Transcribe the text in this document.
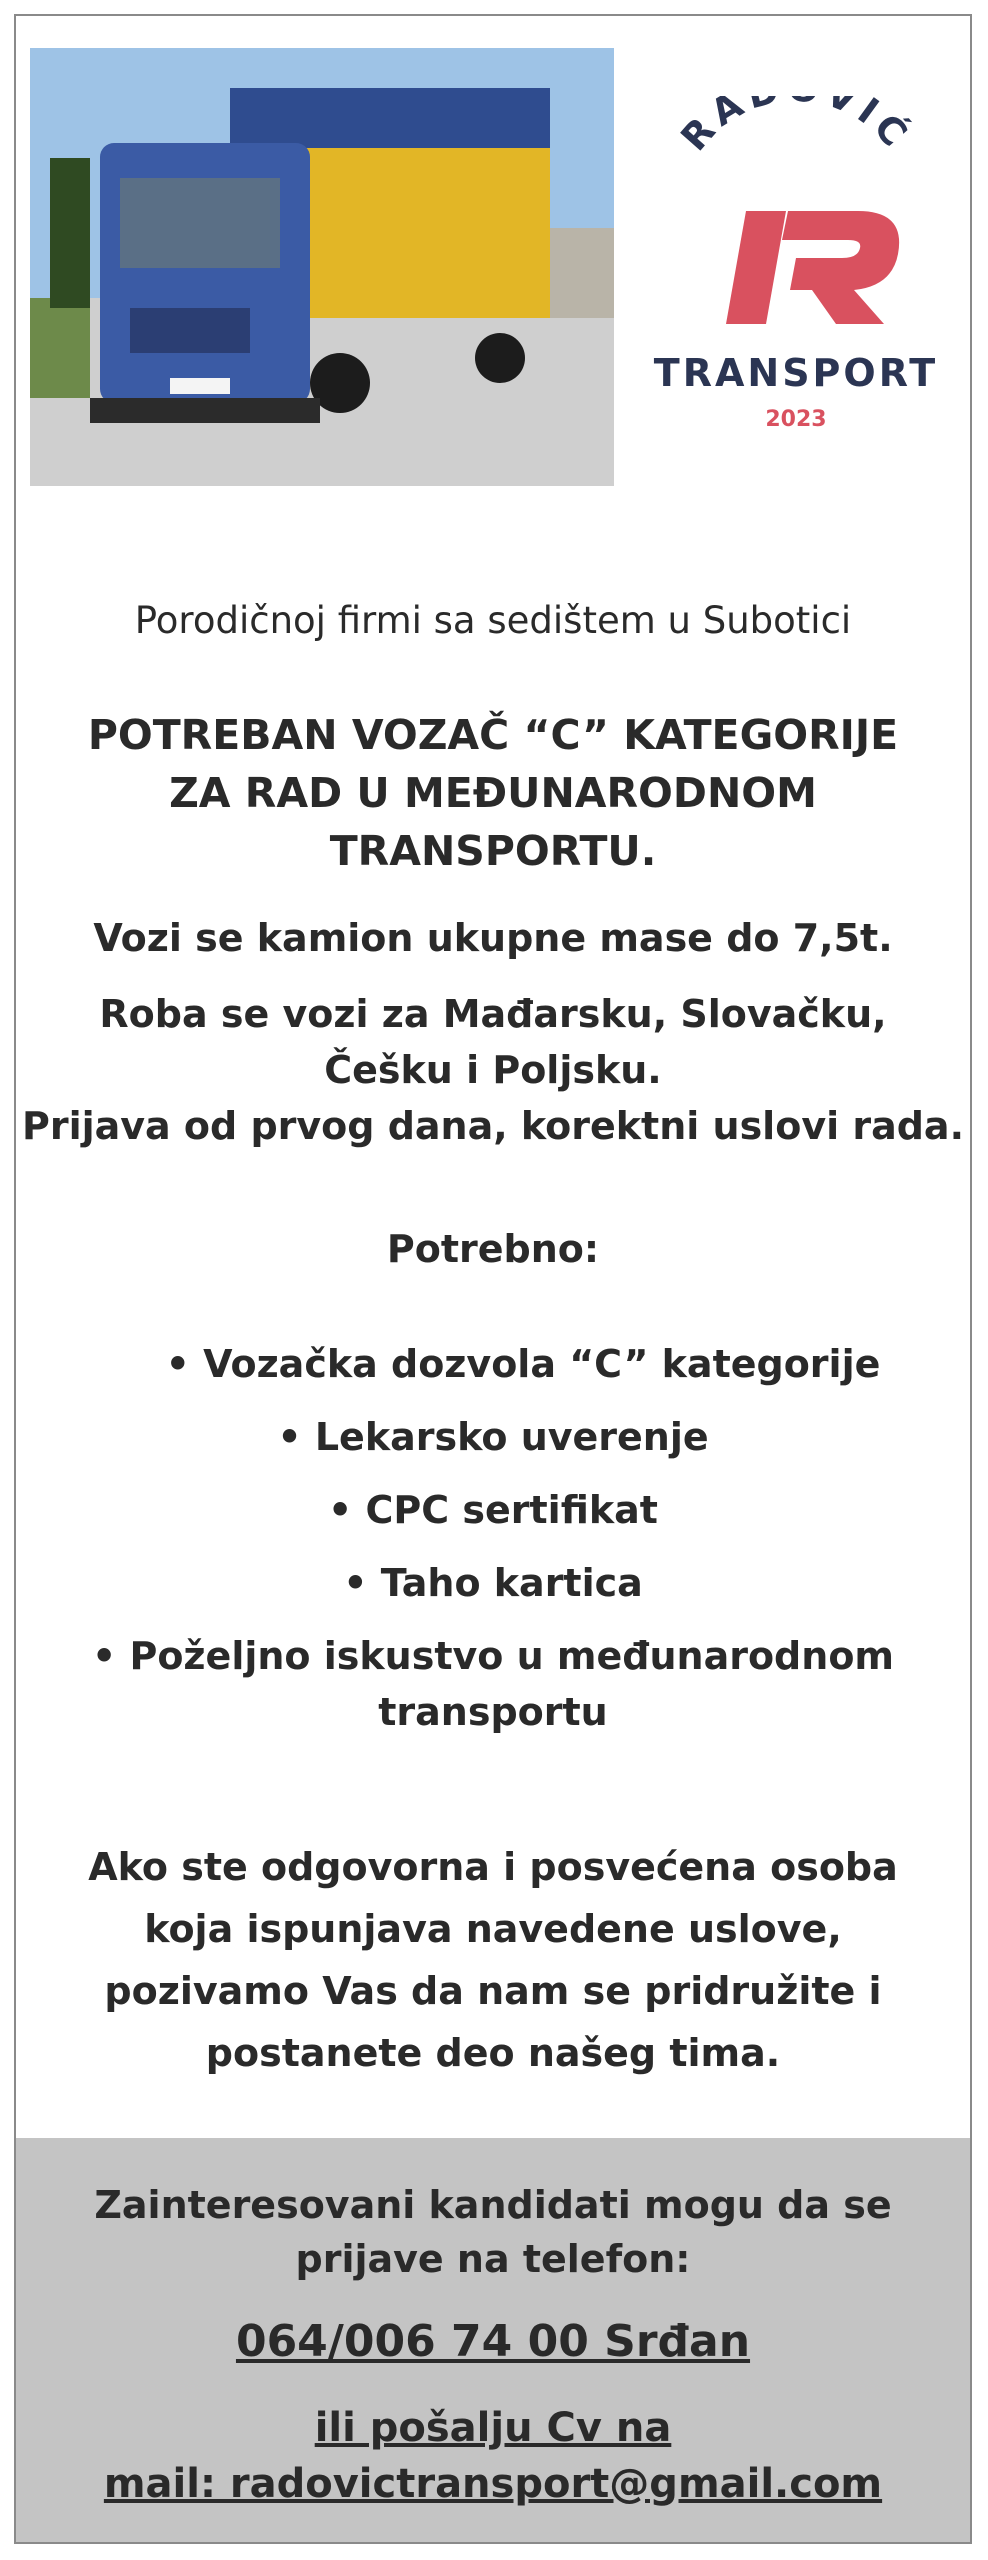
RA VIĆ
TRANSPORT
2023
Porodičnoj firmi sa sedištem u Subotici
POTREBAN VOZAČ “C” KATEGORIJE
ZA RAD U MEĐUNARODNOM
TRANSPORTU.
Vozi se kamion ukupne mase do 7,5t.
Roba se vozi za Mađarsku, Slovačku,
Češku i Poljsku.
Prijava od prvog dana, korektni uslovi rada.
Potrebno:
• Vozačka dozvola “C” kategorije
• Lekarsko uverenje
• CPC sertifikat
• Taho kartica
• Poželjno iskustvo u međunarodnom
transportu
Ako ste odgovorna i posvećena osoba
koja ispunjava navedene uslove,
pozivamo Vas da nam se pridružite i
postanete deo našeg tima.
Zainteresovani kandidati mogu da se
prijave na telefon:
064/006 74 00 Srđan
ili pošalju Cv na
mail: radovictransport@gmail.com
